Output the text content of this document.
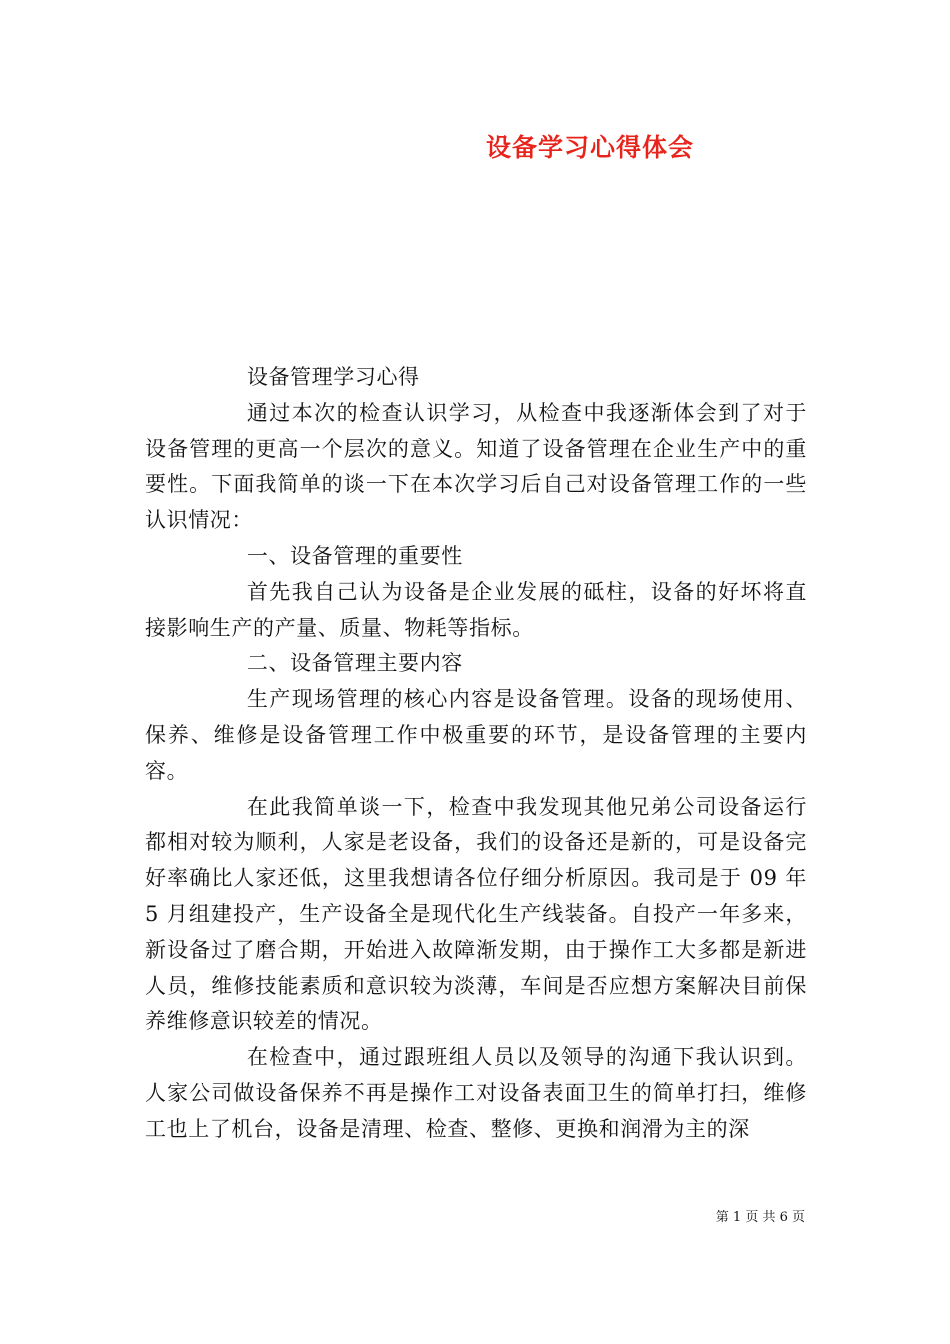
设备学习心得体会

设备管理学习心得

通过本次的检查认识学习，从检查中我逐渐体会到了对于设备管理的更高一个层次的意义。知道了设备管理在企业生产中的重要性。下面我简单的谈一下在本次学习后自己对设备管理工作的一些认识情况：

一、设备管理的重要性

首先我自己认为设备是企业发展的砥柱，设备的好坏将直接影响生产的产量、质量、物耗等指标。

二、设备管理主要内容

生产现场管理的核心内容是设备管理。设备的现场使用、保养、维修是设备管理工作中极重要的环节，是设备管理的主要内容。

在此我简单谈一下，检查中我发现其他兄弟公司设备运行都相对较为顺利，人家是老设备，我们的设备还是新的，可是设备完好率确比人家还低，这里我想请各位仔细分析原因。我司是于 09 年 5 月组建投产，生产设备全是现代化生产线装备。自投产一年多来，新设备过了磨合期，开始进入故障渐发期，由于操作工大多都是新进人员，维修技能素质和意识较为淡薄，车间是否应想方案解决目前保养维修意识较差的情况。

在检查中，通过跟班组人员以及领导的沟通下我认识到。人家公司做设备保养不再是操作工对设备表面卫生的简单打扫，维修工也上了机台，设备是清理、检查、整修、更换和润滑为主的深

第 1 页 共 6 页
